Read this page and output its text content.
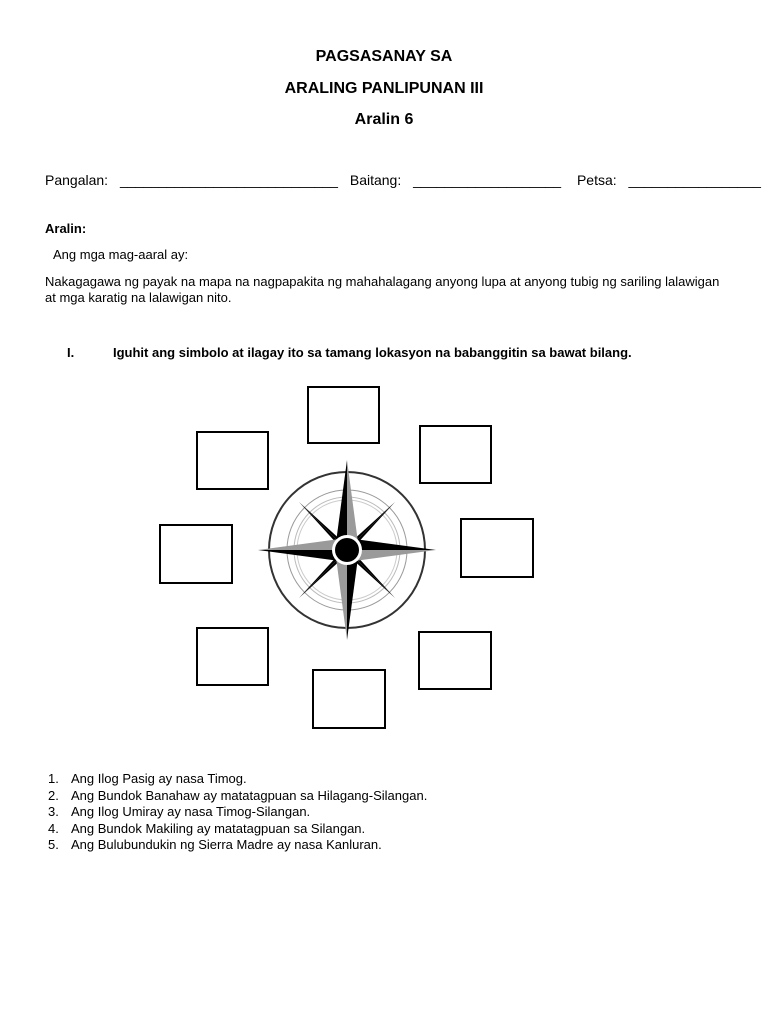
PAGSASANAY SA
ARALING PANLIPUNAN III
Aralin 6
Pangalan: ____________________________ Baitang: ___________________ Petsa: _________________
Aralin:
Ang mga mag-aaral ay:
Nakagagawa ng payak na mapa na nagpapakita ng mahahalagang anyong lupa at anyong tubig ng sariling lalawigan at mga karatig na lalawigan nito.
I.	Iguhit ang simbolo at ilagay ito sa tamang lokasyon na babanggitin sa bawat bilang.
1. Ang Ilog Pasig ay nasa Timog.
2. Ang Bundok Banahaw ay matatagpuan sa Hilagang-Silangan.
3. Ang Ilog Umiray ay nasa Timog-Silangan.
4. Ang Bundok Makiling ay matatagpuan sa Silangan.
5. Ang Bulubundukin ng Sierra Madre ay nasa Kanluran.
